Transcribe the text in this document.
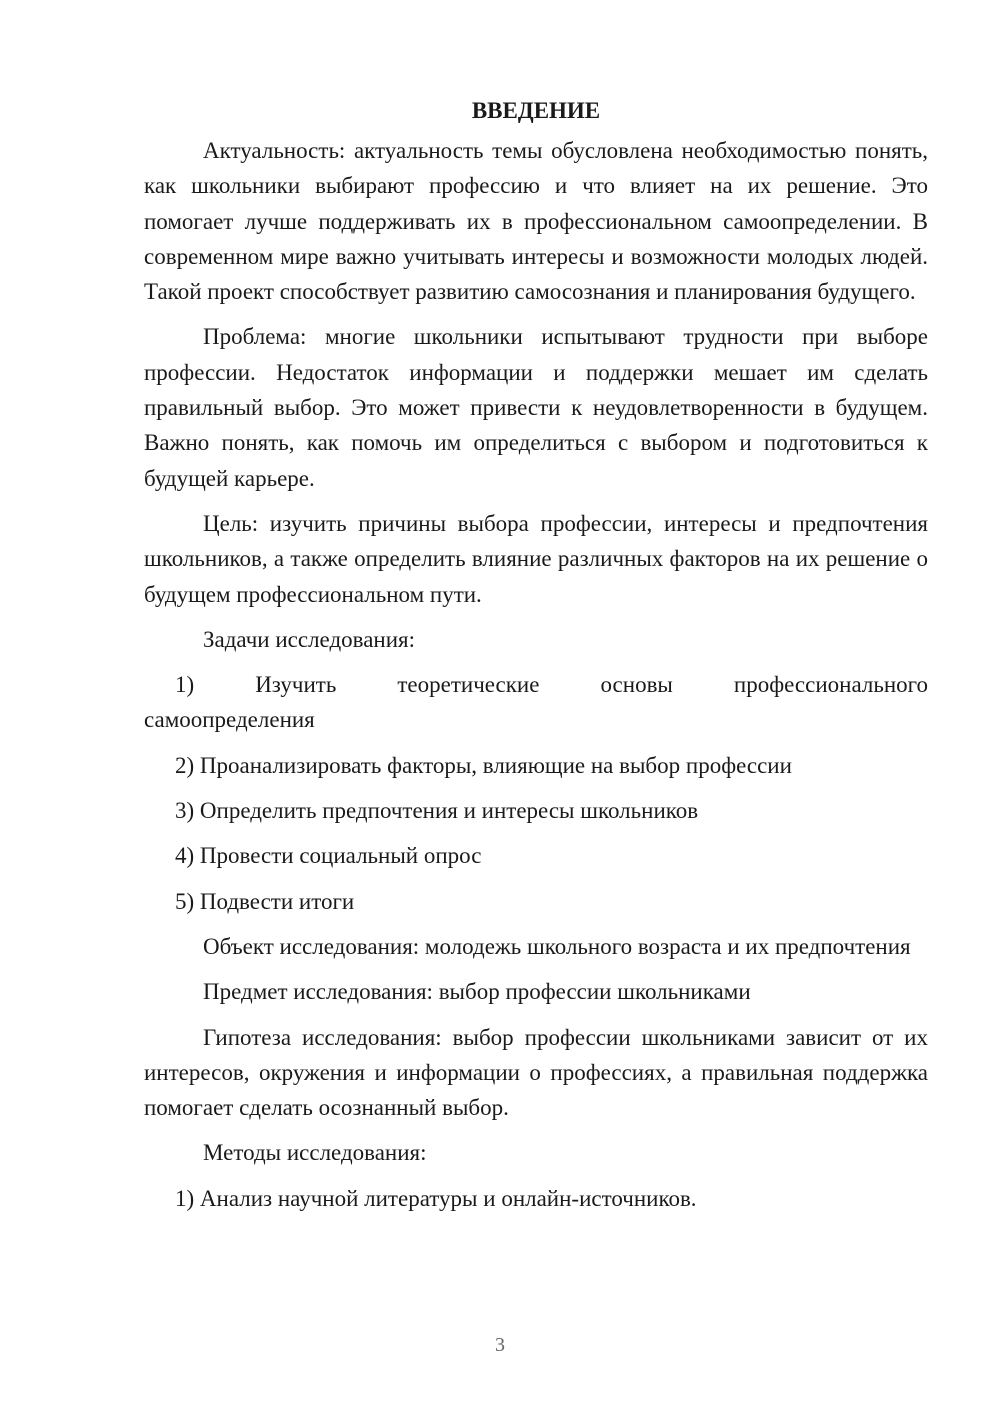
ВВЕДЕНИЕ
Актуальность: актуальность темы обусловлена необходимостью понять, как школьники выбирают профессию и что влияет на их решение. Это помогает лучше поддерживать их в профессиональном самоопределении. В современном мире важно учитывать интересы и возможности молодых людей. Такой проект способствует развитию самосознания и планирования будущего.
Проблема: многие школьники испытывают трудности при выборе профессии. Недостаток информации и поддержки мешает им сделать правильный выбор. Это может привести к неудовлетворенности в будущем. Важно понять, как помочь им определиться с выбором и подготовиться к будущей карьере.
Цель: изучить причины выбора профессии, интересы и предпочтения школьников, а также определить влияние различных факторов на их решение о будущем профессиональном пути.
Задачи исследования:
1) Изучить теоретические основы профессионального
самоопределения
2) Проанализировать факторы, влияющие на выбор профессии
3) Определить предпочтения и интересы школьников
4) Провести социальный опрос
5) Подвести итоги
Объект исследования: молодежь школьного возраста и их предпочтения
Предмет исследования: выбор профессии школьниками
Гипотеза исследования: выбор профессии школьниками зависит от их интересов, окружения и информации о профессиях, а правильная поддержка помогает сделать осознанный выбор.
Методы исследования:
1) Анализ научной литературы и онлайн-источников.
3
